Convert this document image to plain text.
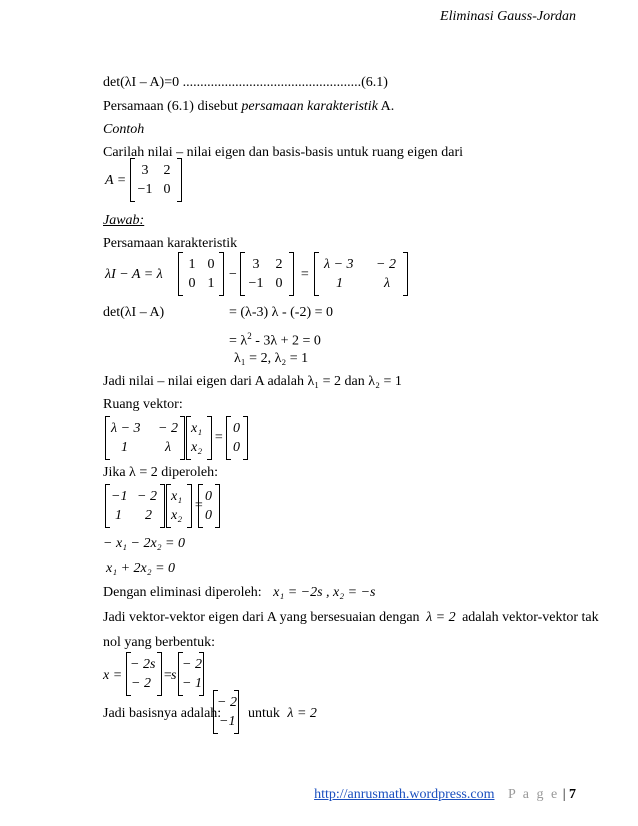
Eliminasi Gauss-Jordan
det(λI – A)=0 ...................................................(6.1)
Persamaan (6.1) disebut persamaan karakteristik A.
Contoh
Carilah nilai – nilai eigen dan basis-basis untuk ruang eigen dari
A =
3	2
−1 0
Jawab:
Persamaan karakteristik
λI − A = λ
1 0
0 1
−
3	2
−1 0
=
λ − 3 − 2
1	λ
det(λI – A)	= (λ-3) λ - (-2) = 0
= $\lambda^2 - 3\lambda + 2 = 0$
λ₁ = 2, λ₂ = 1
Jadi nilai – nilai eigen dari A adalah λ₁ = 2 dan λ₂ = 1
Ruang vektor:
λ − 3 − 2
1	λ
x₁
x₂
=
0
0
Jika λ = 2 diperoleh:
−1 − 2
1 2
x₁
x₂
=
0
0
− x₁ − 2x₂ = 0
x₁ + 2x₂ = 0
Dengan eliminasi diperoleh: x₁ = −2s , x₂ = −s
Jadi vektor-vektor eigen dari A yang bersesuaian dengan λ = 2 adalah vektor-vektor tak
nol yang berbentuk:
x =
− 2s
− 2
=
s
− 2
− 1
Jadi basisnya adalah:
− 2
−1
untuk λ = 2
http://anrusmath.wordpress.com P a g e | 7
